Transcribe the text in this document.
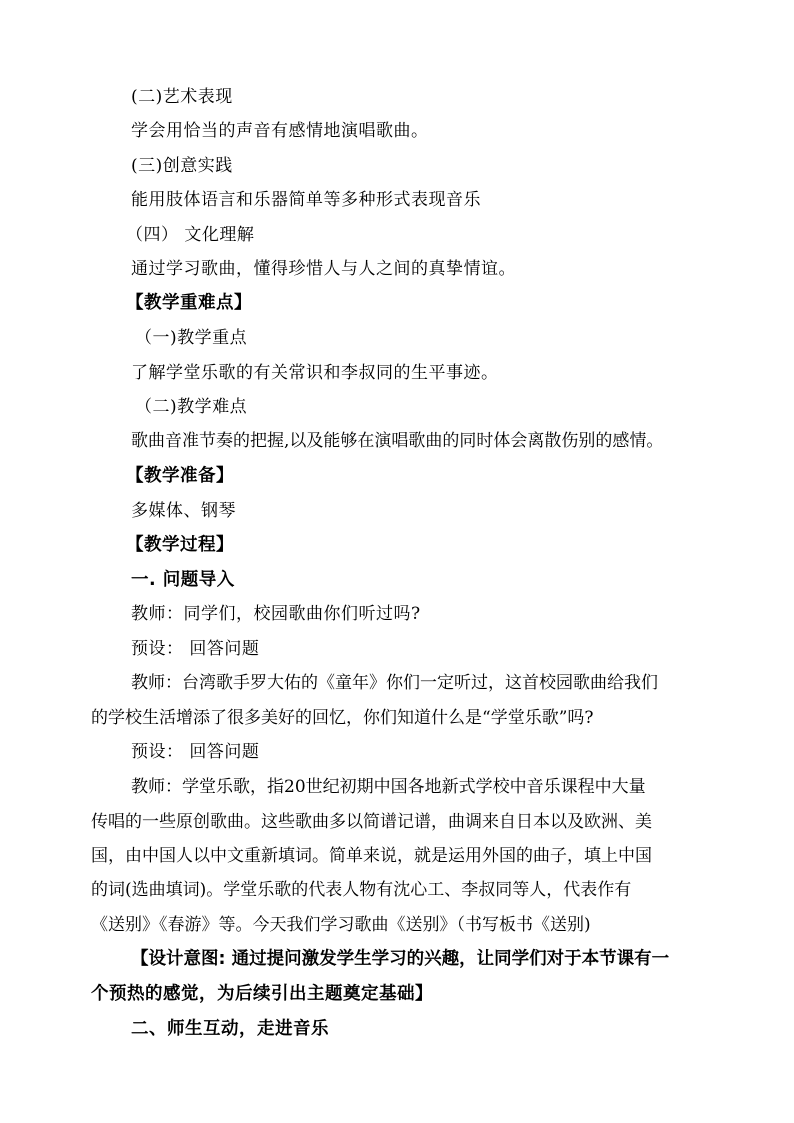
(二)艺术表现
学会用恰当的声音有感情地演唱歌曲。
(三)创意实践
能用肢体语言和乐器简单等多种形式表现音乐
（四） 文化理解
通过学习歌曲，懂得珍惜人与人之间的真挚情谊。
【教学重难点】
（一)教学重点
了解学堂乐歌的有关常识和李叔同的生平事迹。
（二)教学难点
歌曲音准节奏的把握,以及能够在演唱歌曲的同时体会离散伤别的感情。
【教学准备】
多媒体、钢琴
【教学过程】
一. 问题导入
教师：同学们，校园歌曲你们听过吗?
预设： 回答问题
教师：台湾歌手罗大佑的《童年》你们一定听过，这首校园歌曲给我们
的学校生活增添了很多美好的回忆，你们知道什么是“学堂乐歌”吗?
预设： 回答问题
教师：学堂乐歌，指20世纪初期中国各地新式学校中音乐课程中大量
传唱的一些原创歌曲。这些歌曲多以简谱记谱，曲调来自日本以及欧洲、美
国，由中国人以中文重新填词。简单来说，就是运用外国的曲子，填上中国
的词(选曲填词)。学堂乐歌的代表人物有沈心工、李叔同等人，代表作有
《送别》《春游》等。今天我们学习歌曲《送别》（书写板书《送别)
【设计意图: 通过提问激发学生学习的兴趣，让同学们对于本节课有一
个预热的感觉，为后续引出主题奠定基础】
二、师生互动，走进音乐
